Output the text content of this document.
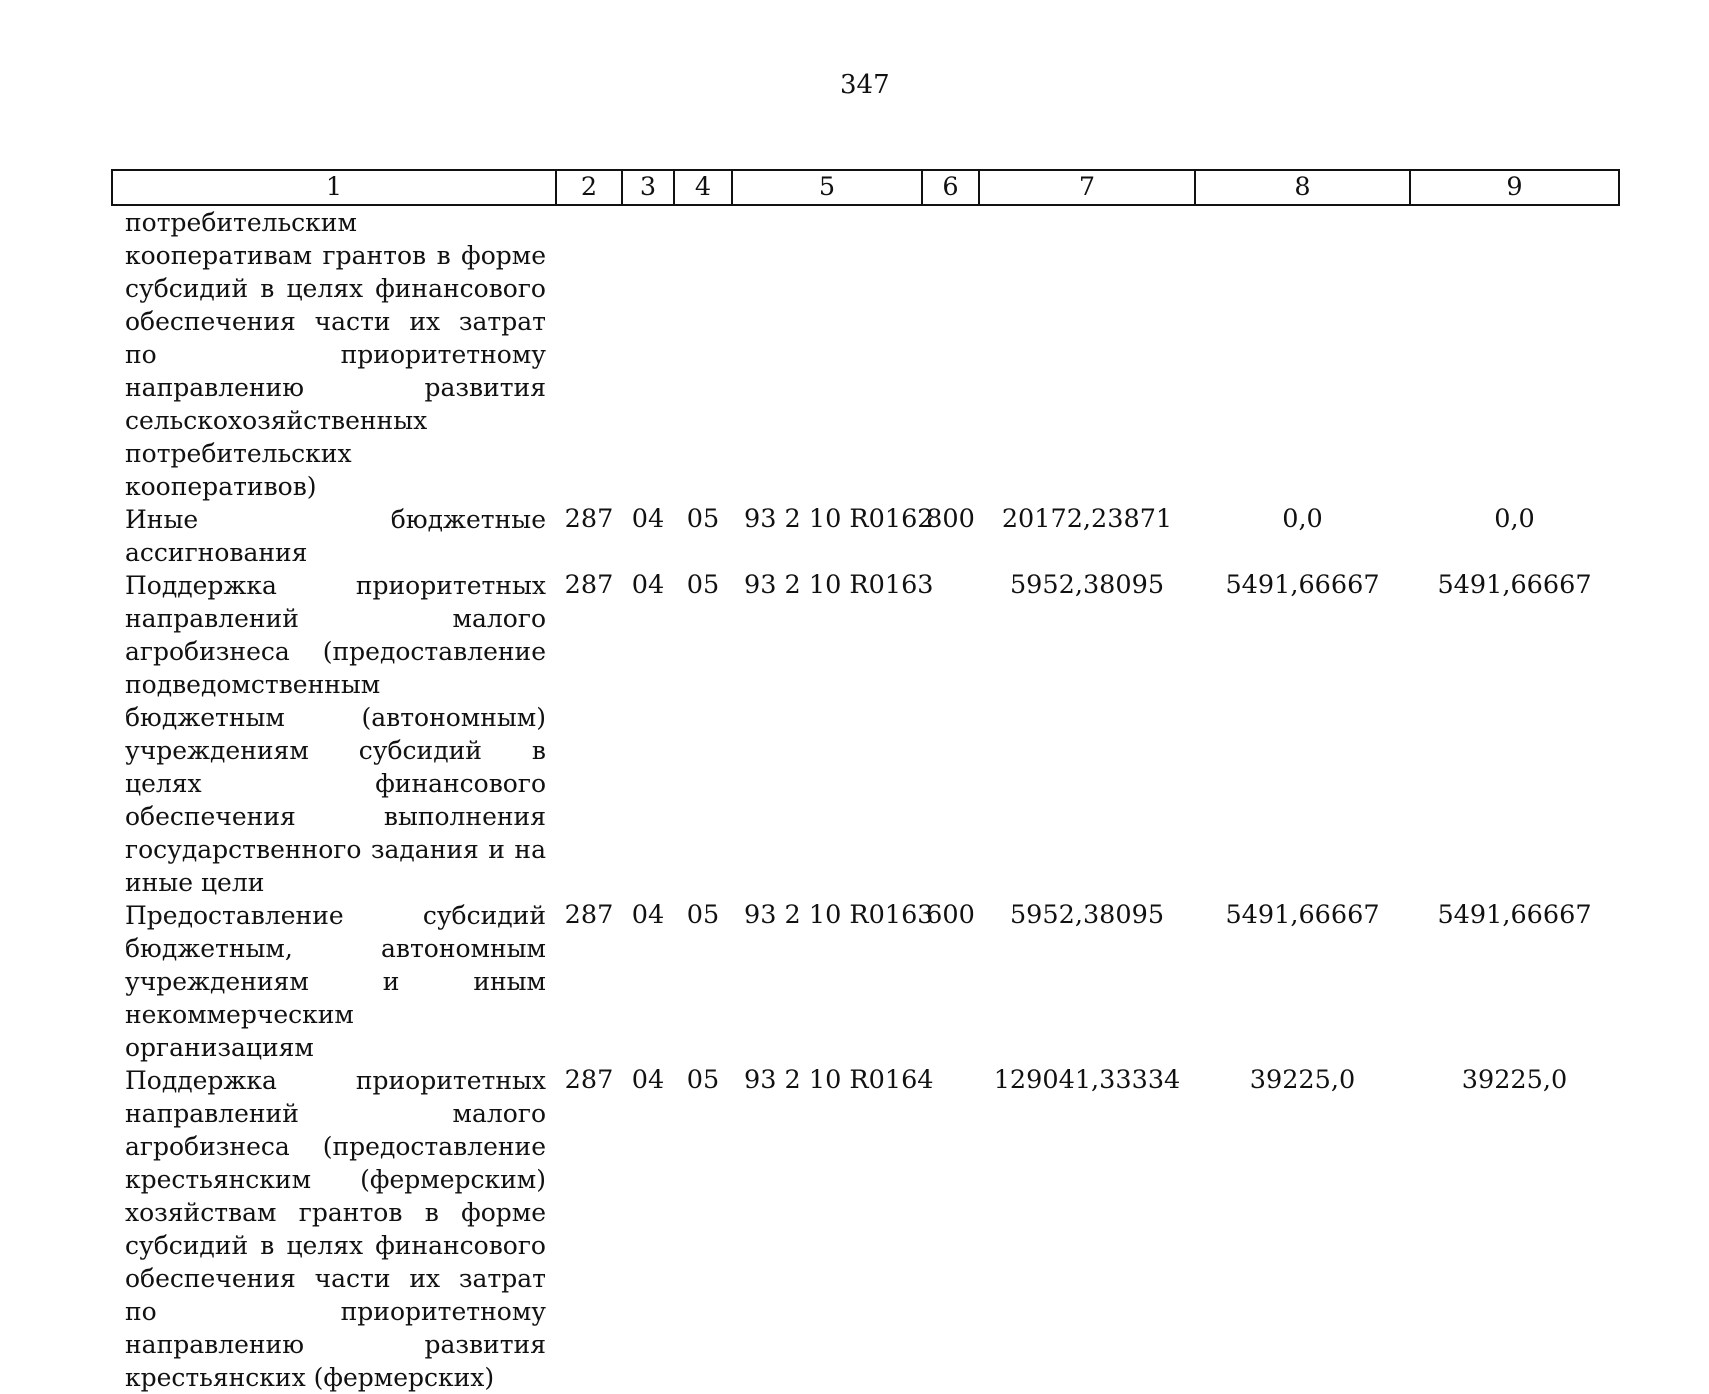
347
1	2	3	4	5	6	7	8	9
потребительским кооперативам грантов в форме субсидий в целях финансового обеспечения части их затрат по приоритетному направлению развития сельскохозяйственных потребительских кооперативов)								
Иные бюджетные ассигнования	287	04	05	93 2 10 R0162	800	20172,23871	0,0	0,0
Поддержка приоритетных направлений малого агробизнеса (предоставление подведомственным бюджетным (автономным) учреждениям субсидий в целях финансового обеспечения выполнения государственного задания и на иные цели	287	04	05	93 2 10 R0163		5952,38095	5491,66667	5491,66667
Предоставление субсидий бюджетным, автономным учреждениям и иным некоммерческим организациям	287	04	05	93 2 10 R0163	600	5952,38095	5491,66667	5491,66667
Поддержка приоритетных направлений малого агробизнеса (предоставление крестьянским (фермерским) хозяйствам грантов в форме субсидий в целях финансового обеспечения части их затрат по приоритетному направлению развития крестьянских (фермерских)	287	04	05	93 2 10 R0164		129041,33334	39225,0	39225,0
